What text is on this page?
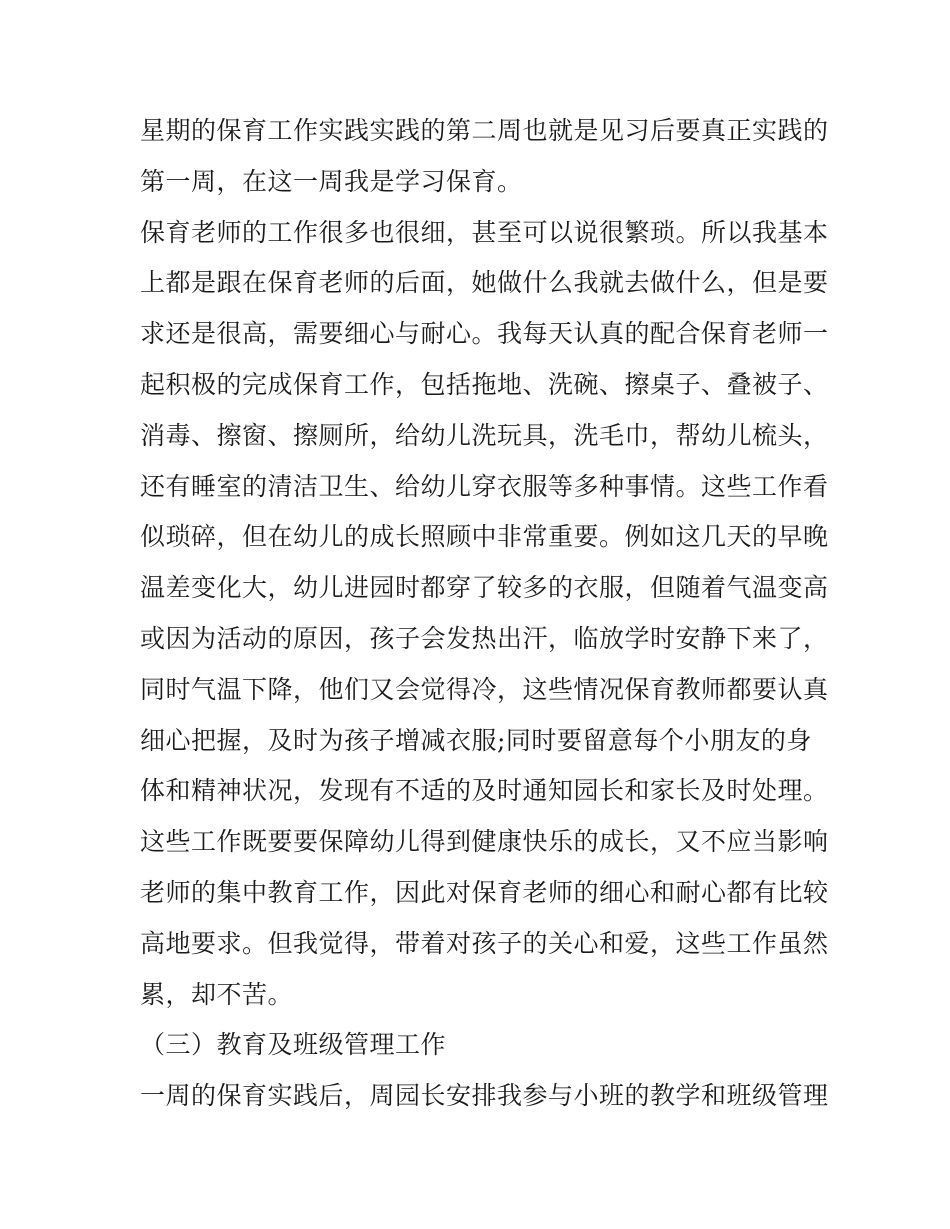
星期的保育工作实践实践的第二周也就是见习后要真正实践的
第一周，在这一周我是学习保育。
保育老师的工作很多也很细，甚至可以说很繁琐。所以我基本
上都是跟在保育老师的后面，她做什么我就去做什么，但是要
求还是很高，需要细心与耐心。我每天认真的配合保育老师一
起积极的完成保育工作，包括拖地、洗碗、擦桌子、叠被子、
消毒、擦窗、擦厕所，给幼儿洗玩具，洗毛巾，帮幼儿梳头，
还有睡室的清洁卫生、给幼儿穿衣服等多种事情。这些工作看
似琐碎，但在幼儿的成长照顾中非常重要。例如这几天的早晚
温差变化大，幼儿进园时都穿了较多的衣服，但随着气温变高
或因为活动的原因，孩子会发热出汗，临放学时安静下来了，
同时气温下降，他们又会觉得冷，这些情况保育教师都要认真
细心把握，及时为孩子增减衣服;同时要留意每个小朋友的身
体和精神状况，发现有不适的及时通知园长和家长及时处理。
这些工作既要要保障幼儿得到健康快乐的成长，又不应当影响
老师的集中教育工作，因此对保育老师的细心和耐心都有比较
高地要求。但我觉得，带着对孩子的关心和爱，这些工作虽然
累，却不苦。
（三）教育及班级管理工作
一周的保育实践后，周园长安排我参与小班的教学和班级管理
